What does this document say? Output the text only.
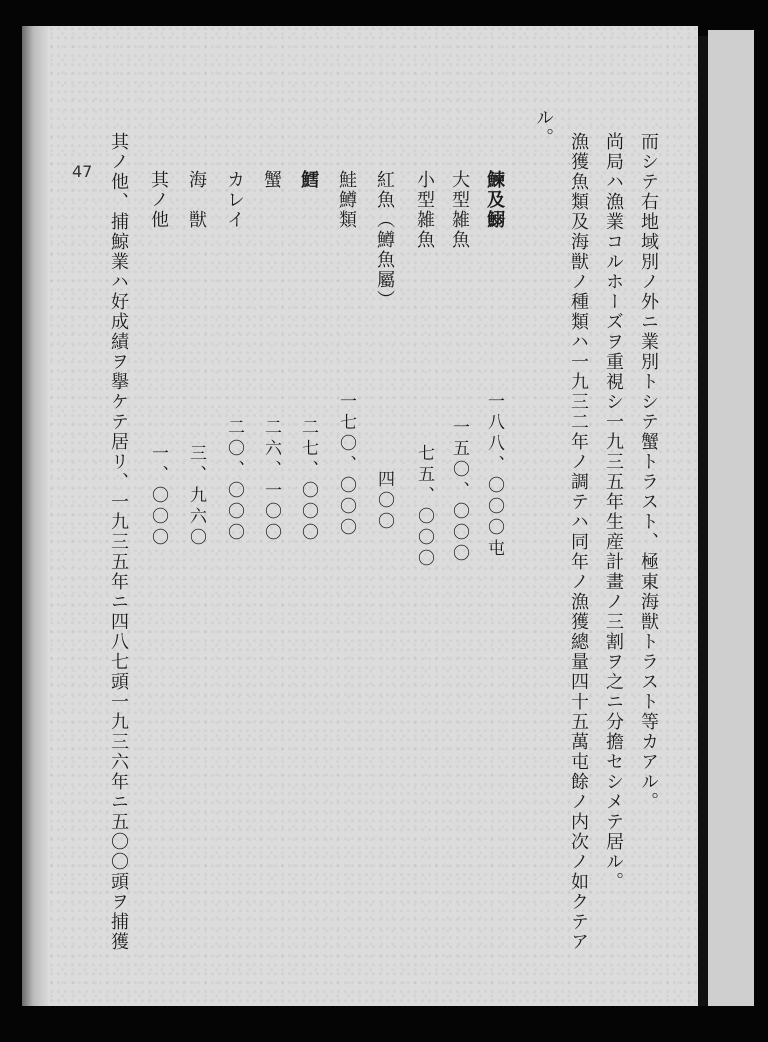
47	而シテ右地域別ノ外ニ業別トシテ蟹トラスト、極東海獣トラスト等カアル。
尚局ハ漁業コルホーズヲ重視シ一九三五年生産計畫ノ三割ヲ之ニ分擔セシメテ居ル。
漁獲魚類及海獣ノ種類ハ一九三二年ノ調テハ同年ノ漁獲總量四十五萬屯餘ノ内次ノ如クテア
ル。
鰊及鰯
大型雑魚
小型雑魚
紅魚（鱒魚屬）
鮭鱒類
鱈
蟹
カレイ
海　獣
其ノ他
一八八、〇〇〇屯
一五〇、〇〇〇
七五、〇〇〇
四〇〇
一七〇、〇〇〇
二七、〇〇〇
二六、一〇〇
二〇、〇〇〇
三、九六〇
一、〇〇〇
其ノ他、捕鯨業ハ好成績ヲ擧ケテ居リ、一九三五年ニ四八七頭一九三六年ニ五〇〇頭ヲ捕獲
